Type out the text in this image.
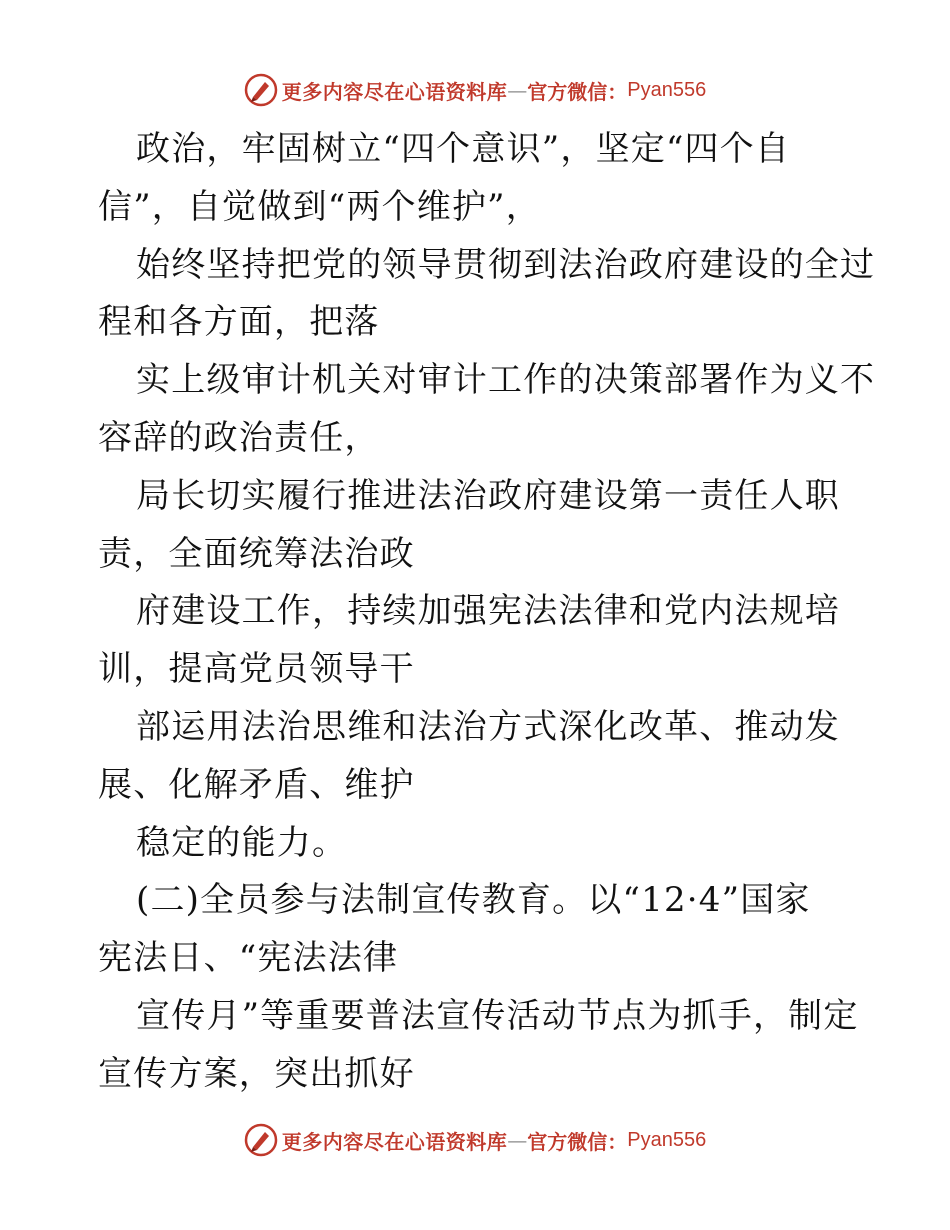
更多内容尽在心语资料库 — 官方微信： Pyan556
政治，牢固树立“四个意识”，坚定“四个自
信”，自觉做到“两个维护”，
始终坚持把党的领导贯彻到法治政府建设的全过
程和各方面，把落
实上级审计机关对审计工作的决策部署作为义不
容辞的政治责任，
局长切实履行推进法治政府建设第一责任人职
责，全面统筹法治政
府建设工作，持续加强宪法法律和党内法规培
训，提高党员领导干
部运用法治思维和法治方式深化改革、推动发
展、化解矛盾、维护
稳定的能力。
(二)全员参与法制宣传教育。以“12·4”国家
宪法日、“宪法法律
宣传月”等重要普法宣传活动节点为抓手，制定
宣传方案，突出抓好
更多内容尽在心语资料库 — 官方微信： Pyan556
